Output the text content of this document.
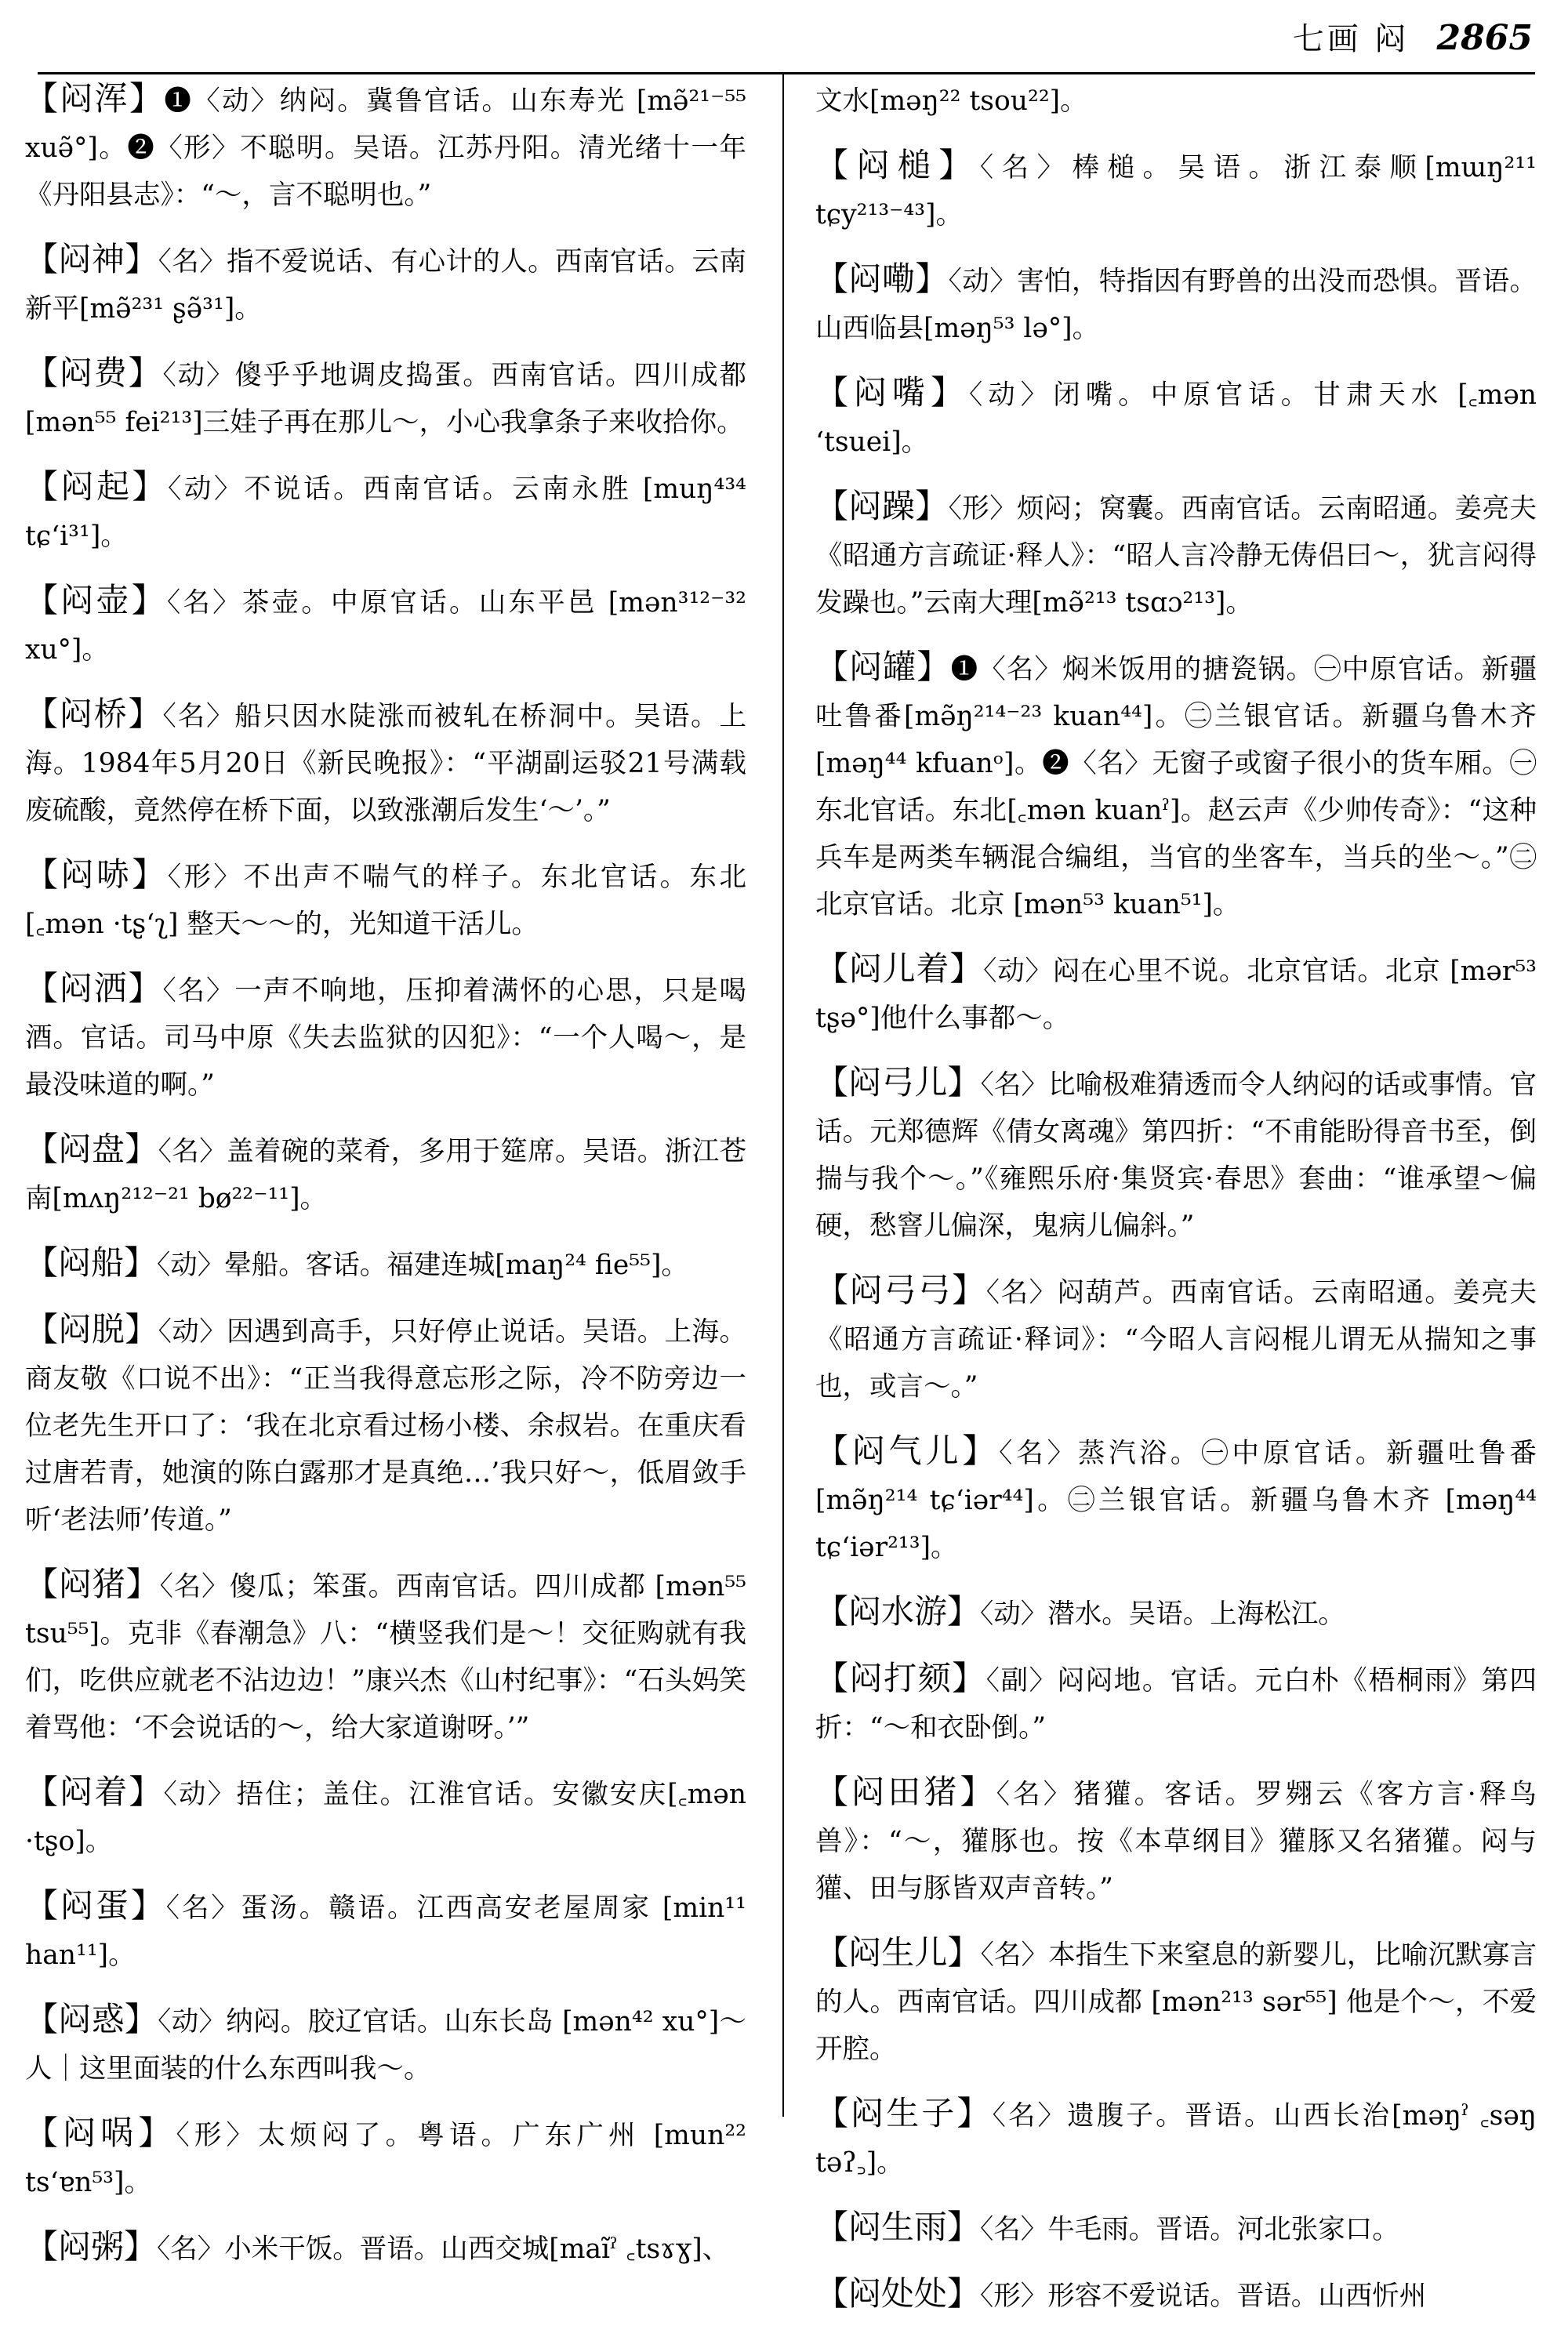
七画 闷 2865

【闷浑】❶〈动〉纳闷。冀鲁官话。山东寿光 [mə̃²¹⁻⁵⁵ xuə̃°]。❷〈形〉不聪明。吴语。江苏丹阳。清光绪十一年《丹阳县志》：“～，言不聪明也。”

【闷神】〈名〉指不爱说话、有心计的人。西南官话。云南新平[mə̃²³¹ ʂə̃³¹]。

【闷费】〈动〉傻乎乎地调皮捣蛋。西南官话。四川成都 [mən⁵⁵ fei²¹³]三娃子再在那儿～，小心我拿条子来收拾你。

【闷起】〈动〉不说话。西南官话。云南永胜 [muŋ⁴³⁴ tɕʻi³¹]。

【闷壶】〈名〉茶壶。中原官话。山东平邑 [mən³¹²⁻³² xu°]。

【闷桥】〈名〉船只因水陡涨而被轧在桥洞中。吴语。上海。1984年5月20日《新民晚报》：“平湖副运驳21号满载废硫酸，竟然停在桥下面，以致涨潮后发生‘～’。”

【闷哧】〈形〉不出声不喘气的样子。东北官话。东北 [꜀mən ·tʂʻʅ] 整天～～的，光知道干活儿。

【闷洒】〈名〉一声不响地，压抑着满怀的心思，只是喝酒。官话。司马中原《失去监狱的囚犯》：“一个人喝～，是最没味道的啊。”

【闷盘】〈名〉盖着碗的菜肴，多用于筵席。吴语。浙江苍南[mʌŋ²¹²⁻²¹ bø²²⁻¹¹]。

【闷船】〈动〉晕船。客话。福建连城[maŋ²⁴ fie⁵⁵]。

【闷脱】〈动〉因遇到高手，只好停止说话。吴语。上海。商友敬《口说不出》：“正当我得意忘形之际，冷不防旁边一位老先生开口了：‘我在北京看过杨小楼、余叔岩。在重庆看过唐若青，她演的陈白露那才是真绝…’我只好～，低眉敛手听‘老法师’传道。”

【闷猪】〈名〉傻瓜；笨蛋。西南官话。四川成都 [mən⁵⁵ tsu⁵⁵]。克非《春潮急》八：“横竖我们是～！交征购就有我们，吃供应就老不沾边边！”康兴杰《山村纪事》：“石头妈笑着骂他：‘不会说话的～，给大家道谢呀。’”

【闷着】〈动〉捂住；盖住。江淮官话。安徽安庆[꜀mən ·tʂo]。

【闷蛋】〈名〉蛋汤。赣语。江西高安老屋周家 [min¹¹ han¹¹]。

【闷惑】〈动〉纳闷。胶辽官话。山东长岛 [mən⁴² xu°]～人｜这里面装的什么东西叫我～。

【闷㖞】〈形〉太烦闷了。粤语。广东广州 [mun²² tsʻɐn⁵³]。

【闷粥】〈名〉小米干饭。晋语。山西交城[maĩˀ ꜀tsɤɣ]、

文水[məŋ²² tsou²²]。

【闷槌】〈名〉棒槌。吴语。浙江泰顺[mɯŋ²¹¹ tɕy²¹³⁻⁴³]。

【闷嘞】〈动〉害怕，特指因有野兽的出没而恐惧。晋语。山西临县[məŋ⁵³ lə°]。

【闷嘴】〈动〉闭嘴。中原官话。甘肃天水 [꜀mən ʻtsuei]。

【闷躁】〈形〉烦闷；窝囊。西南官话。云南昭通。姜亮夫《昭通方言疏证·释人》：“昭人言冷静无俦侣曰～，犹言闷得发躁也。”云南大理[mə̃²¹³ tsɑɔ²¹³]。

【闷罐】❶〈名〉焖米饭用的搪瓷锅。㊀中原官话。新疆吐鲁番[mə̃ŋ²¹⁴⁻²³ kuan⁴⁴]。㊁兰银官话。新疆乌鲁木齐 [məŋ⁴⁴ kfuanᵒ]。❷〈名〉无窗子或窗子很小的货车厢。㊀东北官话。东北[꜀mən kuanˀ]。赵云声《少帅传奇》：“这种兵车是两类车辆混合编组，当官的坐客车，当兵的坐～。”㊁北京官话。北京 [mən⁵³ kuan⁵¹]。

【闷儿着】〈动〉闷在心里不说。北京官话。北京 [mər⁵³ tʂə°]他什么事都～。

【闷弓儿】〈名〉比喻极难猜透而令人纳闷的话或事情。官话。元郑德辉《倩女离魂》第四折：“不甫能盼得音书至，倒揣与我个～。”《雍熙乐府·集贤宾·春思》套曲：“谁承望～偏硬，愁窨儿偏深，鬼病儿偏斜。”

【闷弓弓】〈名〉闷葫芦。西南官话。云南昭通。姜亮夫《昭通方言疏证·释词》：“今昭人言闷棍儿谓无从揣知之事也，或言～。”

【闷气儿】〈名〉蒸汽浴。㊀中原官话。新疆吐鲁番 [mə̃ŋ²¹⁴ tɕʻiər⁴⁴]。㊁兰银官话。新疆乌鲁木齐 [məŋ⁴⁴ tɕʻiər²¹³]。

【闷水游】〈动〉潜水。吴语。上海松江。

【闷打颏】〈副〉闷闷地。官话。元白朴《梧桐雨》第四折：“～和衣卧倒。”

【闷田猪】〈名〉猪獾。客话。罗翙云《客方言·释鸟兽》：“～，獾豚也。按《本草纲目》獾豚又名猪獾。闷与獾、田与豚皆双声音转。”

【闷生儿】〈名〉本指生下来窒息的新婴儿，比喻沉默寡言的人。西南官话。四川成都 [mən²¹³ sər⁵⁵] 他是个～，不爱开腔。

【闷生子】〈名〉遗腹子。晋语。山西长治[məŋˀ ꜀səŋ təʔ꜆]。

【闷生雨】〈名〉牛毛雨。晋语。河北张家口。

【闷处处】〈形〉形容不爱说话。晋语。山西忻州
